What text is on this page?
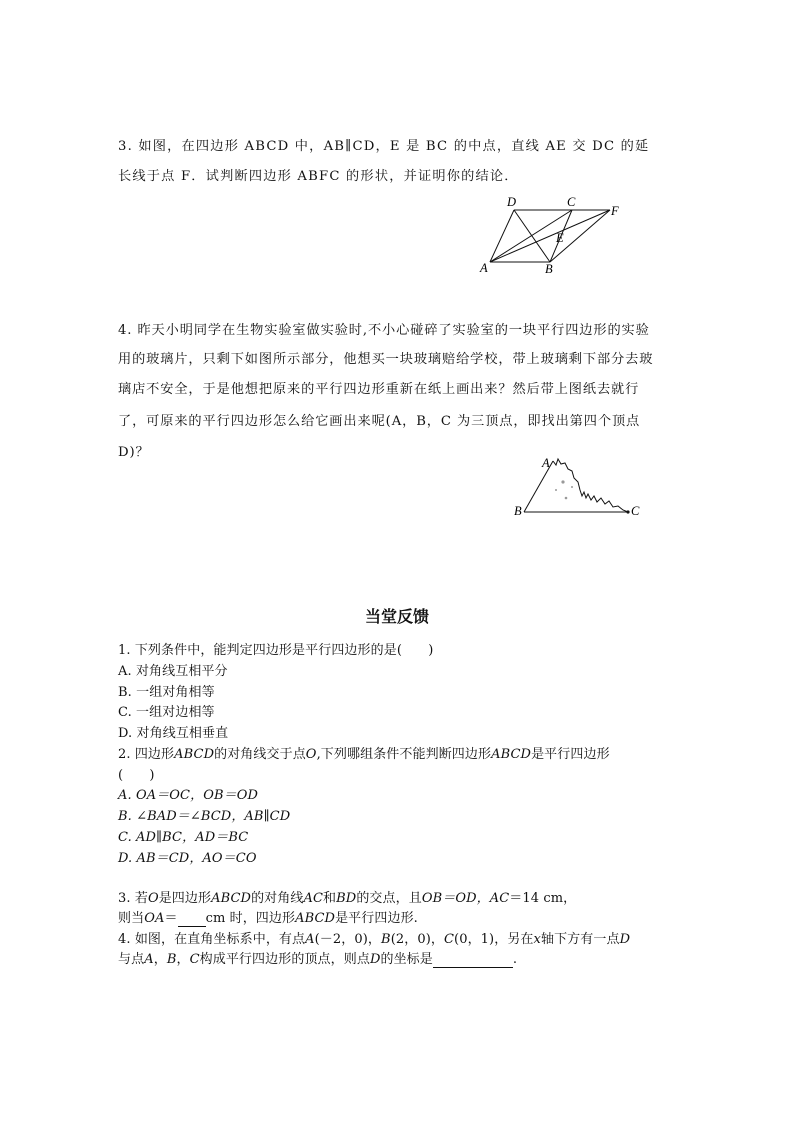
3. 如图，在四边形 ABCD 中，AB∥CD，E 是 BC 的中点，直线 AE 交 DC 的延
长线于点 F．试判断四边形 ABFC 的形状，并证明你的结论．
D	C
F
E
A	B
4. 昨天小明同学在生物实验室做实验时,不小心碰碎了实验室的一块平行四边形的实验
用的玻璃片，只剩下如图所示部分，他想买一块玻璃赔给学校，带上玻璃剩下部分去玻
璃店不安全，于是他想把原来的平行四边形重新在纸上画出来？然后带上图纸去就行
了，可原来的平行四边形怎么给它画出来呢(A，B，C 为三顶点，即找出第四个顶点
D)？
A
B	C
当堂反馈
1. 下列条件中，能判定四边形是平行四边形的是(　　)
A. 对角线互相平分
B. 一组对角相等
C. 一组对边相等
D. 对角线互相垂直
2. 四边形ABCD的对角线交于点O,下列哪组条件不能判断四边形ABCD是平行四边形
(　　)
A. OA＝OC，OB＝OD
B. ∠BAD＝∠BCD，AB∥CD
C. AD∥BC，AD＝BC
D. AB＝CD，AO＝CO
3. 若O是四边形ABCD的对角线AC和BD的交点，且OB＝OD，AC＝14 cm，
则当OA＝ cm 时，四边形ABCD是平行四边形.
4. 如图，在直角坐标系中，有点A(－2，0)，B(2，0)，C(0，1)，另在x轴下方有一点D
与点A，B，C构成平行四边形的顶点，则点D的坐标是	.
